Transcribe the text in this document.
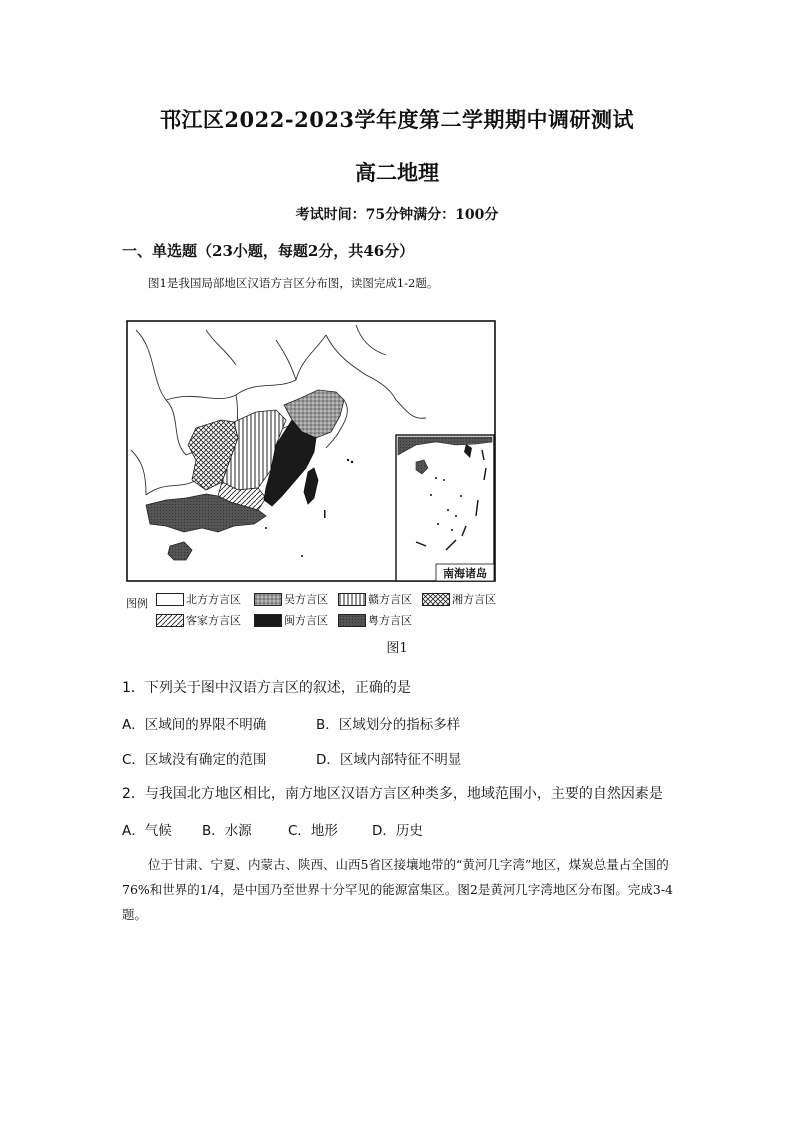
邗江区2022-2023学年度第二学期期中调研测试
高二地理
考试时间：75分钟满分：100分
一、单选题（23小题，每题2分，共46分）
图1是我国局部地区汉语方言区分布图，读图完成1-2题。
南海诸岛
图例	北方方言区	吴方言区	赣方言区	湘方言区
客家方言区	闽方言区	粤方言区
图1
1．下列关于图中汉语方言区的叙述，正确的是
A．区域间的界限不明确	B．区域划分的指标多样
C．区域没有确定的范围	D．区域内部特征不明显
2．与我国北方地区相比，南方地区汉语方言区种类多，地域范围小，主要的自然因素是
A．气候 B．水源	C．地形	D．历史
位于甘肃、宁夏、内蒙古、陕西、山西5省区接壤地带的“黄河几字湾”地区，煤炭总量占全国的76%和世界的1/4，是中国乃至世界十分罕见的能源富集区。图2是黄河几字湾地区分布图。完成3-4题。
